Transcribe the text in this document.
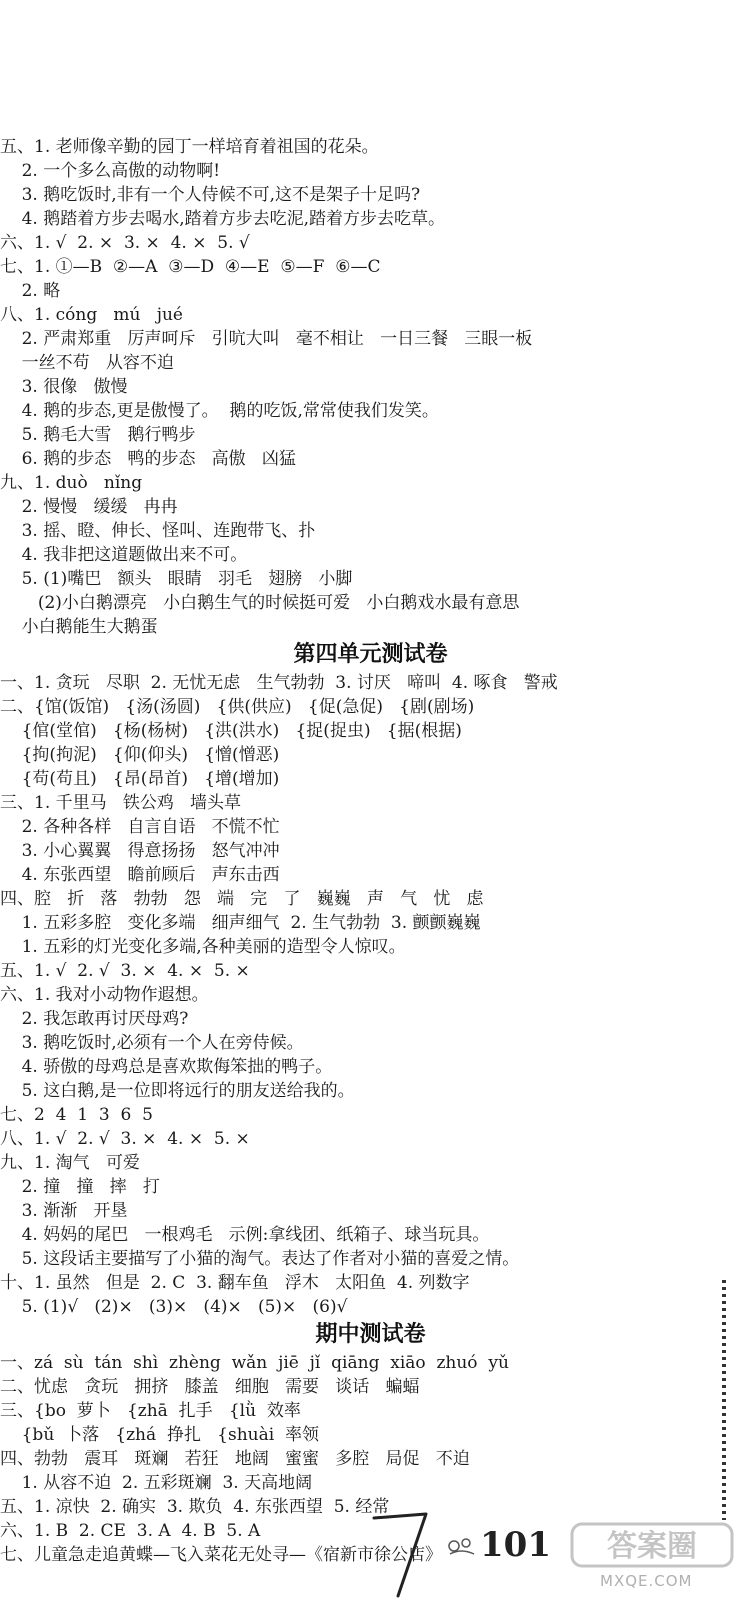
五、1. 老师像辛勤的园丁一样培育着祖国的花朵。
2. 一个多么高傲的动物啊!
3. 鹅吃饭时,非有一个人侍候不可,这不是架子十足吗?
4. 鹅踏着方步去喝水,踏着方步去吃泥,踏着方步去吃草。
六、1. √  2. ×  3. ×  4. ×  5. √
七、1. ①—B  ②—A  ③—D  ④—E  ⑤—F  ⑥—C
2. 略
八、1. cóng   mú   jué
2. 严肃郑重   厉声呵斥   引吭大叫   毫不相让   一日三餐   三眼一板
一丝不苟   从容不迫
3. 很像   傲慢
4. 鹅的步态,更是傲慢了。  鹅的吃饭,常常使我们发笑。
5. 鹅毛大雪   鹅行鸭步
6. 鹅的步态   鸭的步态   高傲   凶猛
九、1. duò   nǐng
2. 慢慢   缓缓   冉冉
3. 摇、瞪、伸长、怪叫、连跑带飞、扑
4. 我非把这道题做出来不可。
5. (1)嘴巴   额头   眼睛   羽毛   翅膀   小脚
(2)小白鹅漂亮   小白鹅生气的时候挺可爱   小白鹅戏水最有意思
小白鹅能生大鹅蛋
第四单元测试卷
一、1. 贪玩   尽职  2. 无忧无虑   生气勃勃  3. 讨厌   啼叫  4. 啄食   警戒
二、{馆(饭馆)   {汤(汤圆)   {供(供应)   {促(急促)   {剧(剧场)
{倌(堂倌)   {杨(杨树)   {洪(洪水)   {捉(捉虫)   {据(根据)
{拘(拘泥)   {仰(仰头)   {憎(憎恶)
{苟(苟且)   {昂(昂首)   {增(增加)
三、1. 千里马   铁公鸡   墙头草
2. 各种各样   自言自语   不慌不忙
3. 小心翼翼   得意扬扬   怒气冲冲
4. 东张西望   瞻前顾后   声东击西
四、腔   折   落   勃勃   怨   端   完   了   巍巍   声   气   忧   虑
1. 五彩多腔   变化多端   细声细气  2. 生气勃勃  3. 颤颤巍巍
1. 五彩的灯光变化多端,各种美丽的造型令人惊叹。
五、1. √  2. √  3. ×  4. ×  5. ×
六、1. 我对小动物作遐想。
2. 我怎敢再讨厌母鸡?
3. 鹅吃饭时,必须有一个人在旁侍候。
4. 骄傲的母鸡总是喜欢欺侮笨拙的鸭子。
5. 这白鹅,是一位即将远行的朋友送给我的。
七、2  4  1  3  6  5
八、1. √  2. √  3. ×  4. ×  5. ×
九、1. 淘气   可爱
2. 撞   撞   摔   打
3. 渐渐   开垦
4. 妈妈的尾巴   一根鸡毛   示例:拿线团、纸箱子、球当玩具。
5. 这段话主要描写了小猫的淘气。表达了作者对小猫的喜爱之情。
十、1. 虽然   但是  2. C  3. 翻车鱼   浮木   太阳鱼  4. 列数字
5. (1)√   (2)×   (3)×   (4)×   (5)×   (6)√
期中测试卷
一、zá  sù  tán  shì  zhèng  wǎn  jiē  jǐ  qiāng  xiāo  zhuó  yǔ
二、忧虑   贪玩   拥挤   膝盖   细胞   需要   谈话   蝙蝠
三、{bo  萝卜   {zhā  扎手   {lǜ  效率
{bǔ  卜落   {zhá  挣扎   {shuài  率领
四、勃勃   震耳   斑斓   若狂   地阔   蜜蜜   多腔   局促   不迫
1. 从容不迫  2. 五彩斑斓  3. 天高地阔
五、1. 凉快  2. 确实  3. 欺负  4. 东张西望  5. 经常
六、1. B  2. CE  3. A  4. B  5. A
七、儿童急走追黄蝶—飞入菜花无处寻—《宿新市徐公店》	101 答案圈
MXQE.COM
